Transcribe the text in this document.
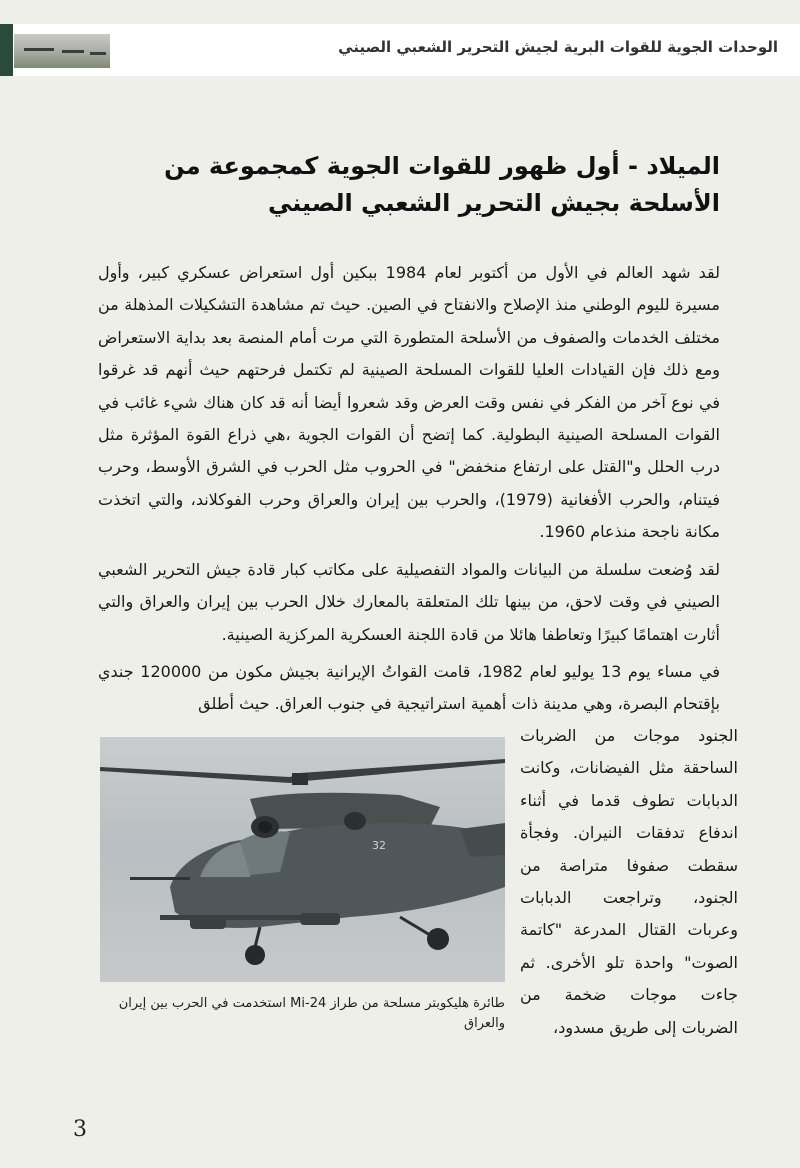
الوحدات الجوية للقوات البرية لجيش التحرير الشعبي الصيني
الميلاد - أول ظهور للقوات الجوية كمجموعة من الأسلحة بجيش التحرير الشعبي الصيني

لقد شهد العالم في الأول من أكتوبر لعام 1984 ببكين أول استعراض عسكري كبير، وأول مسيرة لليوم الوطني منذ الإصلاح والانفتاح في الصين. حيث تم مشاهدة التشكيلات المذهلة من مختلف الخدمات والصفوف من الأسلحة المتطورة التي مرت أمام المنصة بعد بداية الاستعراض ومع ذلك فإن القيادات العليا للقوات المسلحة الصينية لم تكتمل فرحتهم حيث أنهم قد غرقوا في نوع آخر من الفكر في نفس وقت العرض وقد شعروا أيضا أنه قد كان هناك شيء غائب في القوات المسلحة الصينية البطولية. كما إتضح أن القوات الجوية ،هي ذراع القوة المؤثرة مثل درب الحلل و"القتل على ارتفاع منخفض" في الحروب مثل الحرب في الشرق الأوسط، وحرب فيتنام، والحرب الأفغانية (1979)، والحرب بين إيران والعراق وحرب الفوكلاند، والتي اتخذت مكانة ناجحة منذعام 1960.

لقد وُضعت سلسلة من البيانات والمواد التفصيلية على مكاتب كبار قادة جيش التحرير الشعبي الصيني في وقت لاحق، من بينها تلك المتعلقة بالمعارك خلال الحرب بين إيران والعراق والتي أثارت اهتمامًا كبيرًا وتعاطفا هائلا من قادة اللجنة العسكرية المركزية الصينية.

في مساء يوم 13 يوليو لعام 1982، قامت القواتُ الإيرانية بجيش مكون من 120000 جندي بإقتحام البصرة، وهي مدينة ذات أهمية استراتيجية في جنوب العراق. حيث أطلق

الجنود موجات من الضربات الساحقة مثل الفيضانات، وكانت الدبابات تطوف قدما في أثناء اندفاع تدفقات النيران. وفجأة سقطت صفوفا متراصة من الجنود، وتراجعت الدبابات وعربات القتال المدرعة "كاتمة الصوت" واحدة تلو الأخرى. ثم جاءت موجات ضخمة من الضربات إلى طريق مسدود،

32
طائرة هليكوبتر مسلحة من طراز Mi-24 استخدمت في الحرب بين إيران والعراق
3
